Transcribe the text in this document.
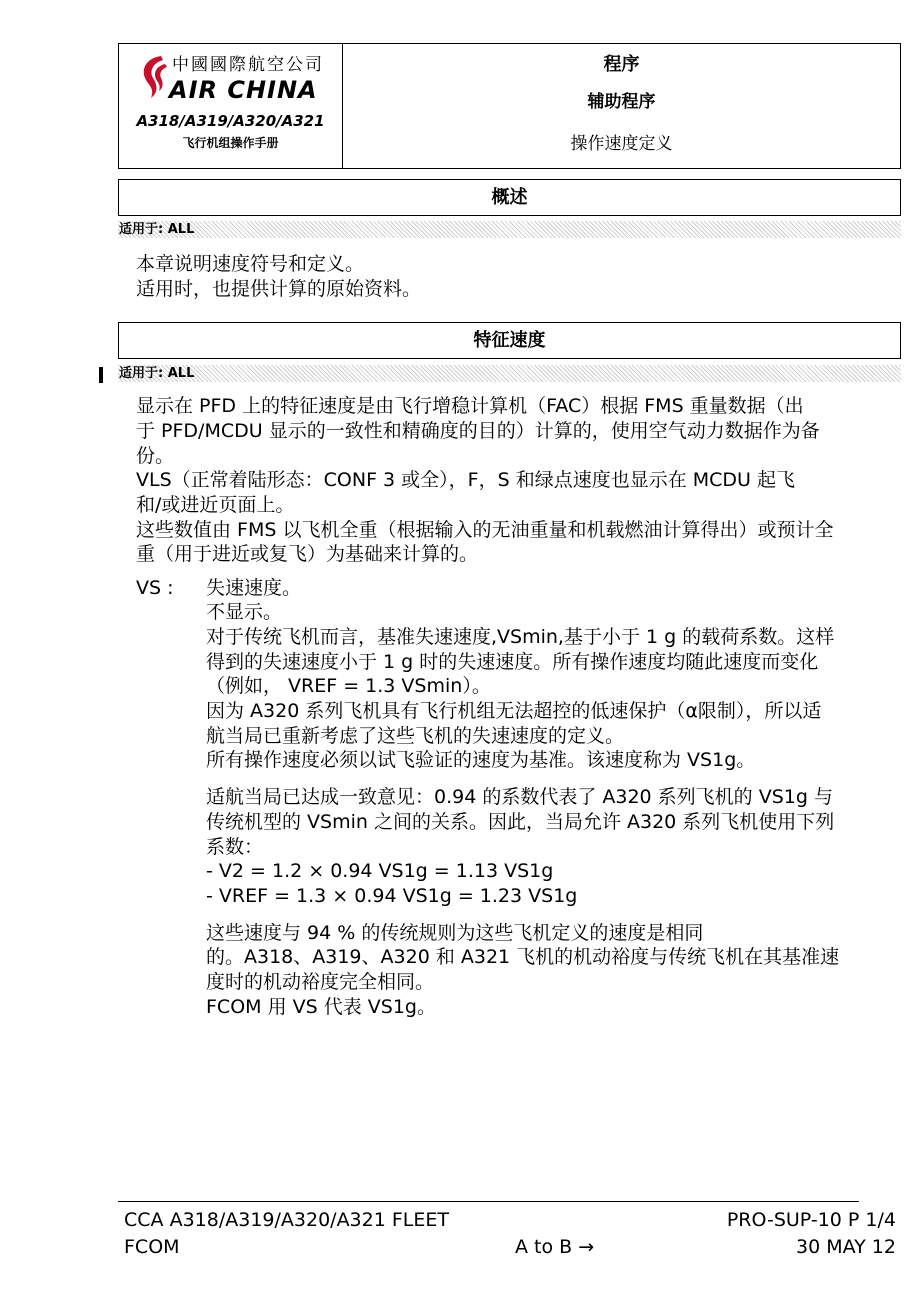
中國國際航空公司
AIR CHINA
A318/A319/A320/A321
飞行机组操作手册
程序
辅助程序
操作速度定义
概述
适用于: ALL
本章说明速度符号和定义。
适用时，也提供计算的原始资料。
特征速度
适用于: ALL
显示在 PFD 上的特征速度是由飞行增稳计算机（FAC）根据 FMS 重量数据（出
于 PFD/MCDU 显示的一致性和精确度的目的）计算的，使用空气动力数据作为备
份。
VLS（正常着陆形态：CONF 3 或全），F，S 和绿点速度也显示在 MCDU 起飞
和/或进近页面上。
这些数值由 FMS 以飞机全重（根据输入的无油重量和机载燃油计算得出）或预计全
重（用于进近或复飞）为基础来计算的。
VS : 失速速度。
不显示。
对于传统飞机而言，基准失速速度,VSmin,基于小于 1 g 的载荷系数。这样
得到的失速速度小于 1 g 时的失速速度。所有操作速度均随此速度而变化
（例如， VREF = 1.3 VSmin）。
因为 A320 系列飞机具有飞行机组无法超控的低速保护（α限制），所以适
航当局已重新考虑了这些飞机的失速速度的定义。
所有操作速度必须以试飞验证的速度为基准。该速度称为 VS1g。
适航当局已达成一致意见：0.94 的系数代表了 A320 系列飞机的 VS1g 与
传统机型的 VSmin 之间的关系。因此，当局允许 A320 系列飞机使用下列
系数：
- V2 = 1.2 × 0.94 VS1g = 1.13 VS1g
- VREF = 1.3 × 0.94 VS1g = 1.23 VS1g
这些速度与 94 % 的传统规则为这些飞机定义的速度是相同
的。A318、A319、A320 和 A321 飞机的机动裕度与传统飞机在其基准速
度时的机动裕度完全相同。
FCOM 用 VS 代表 VS1g。
CCA A318/A319/A320/A321 FLEET
FCOM	A to B →
PRO-SUP-10 P 1/4
30 MAY 12
